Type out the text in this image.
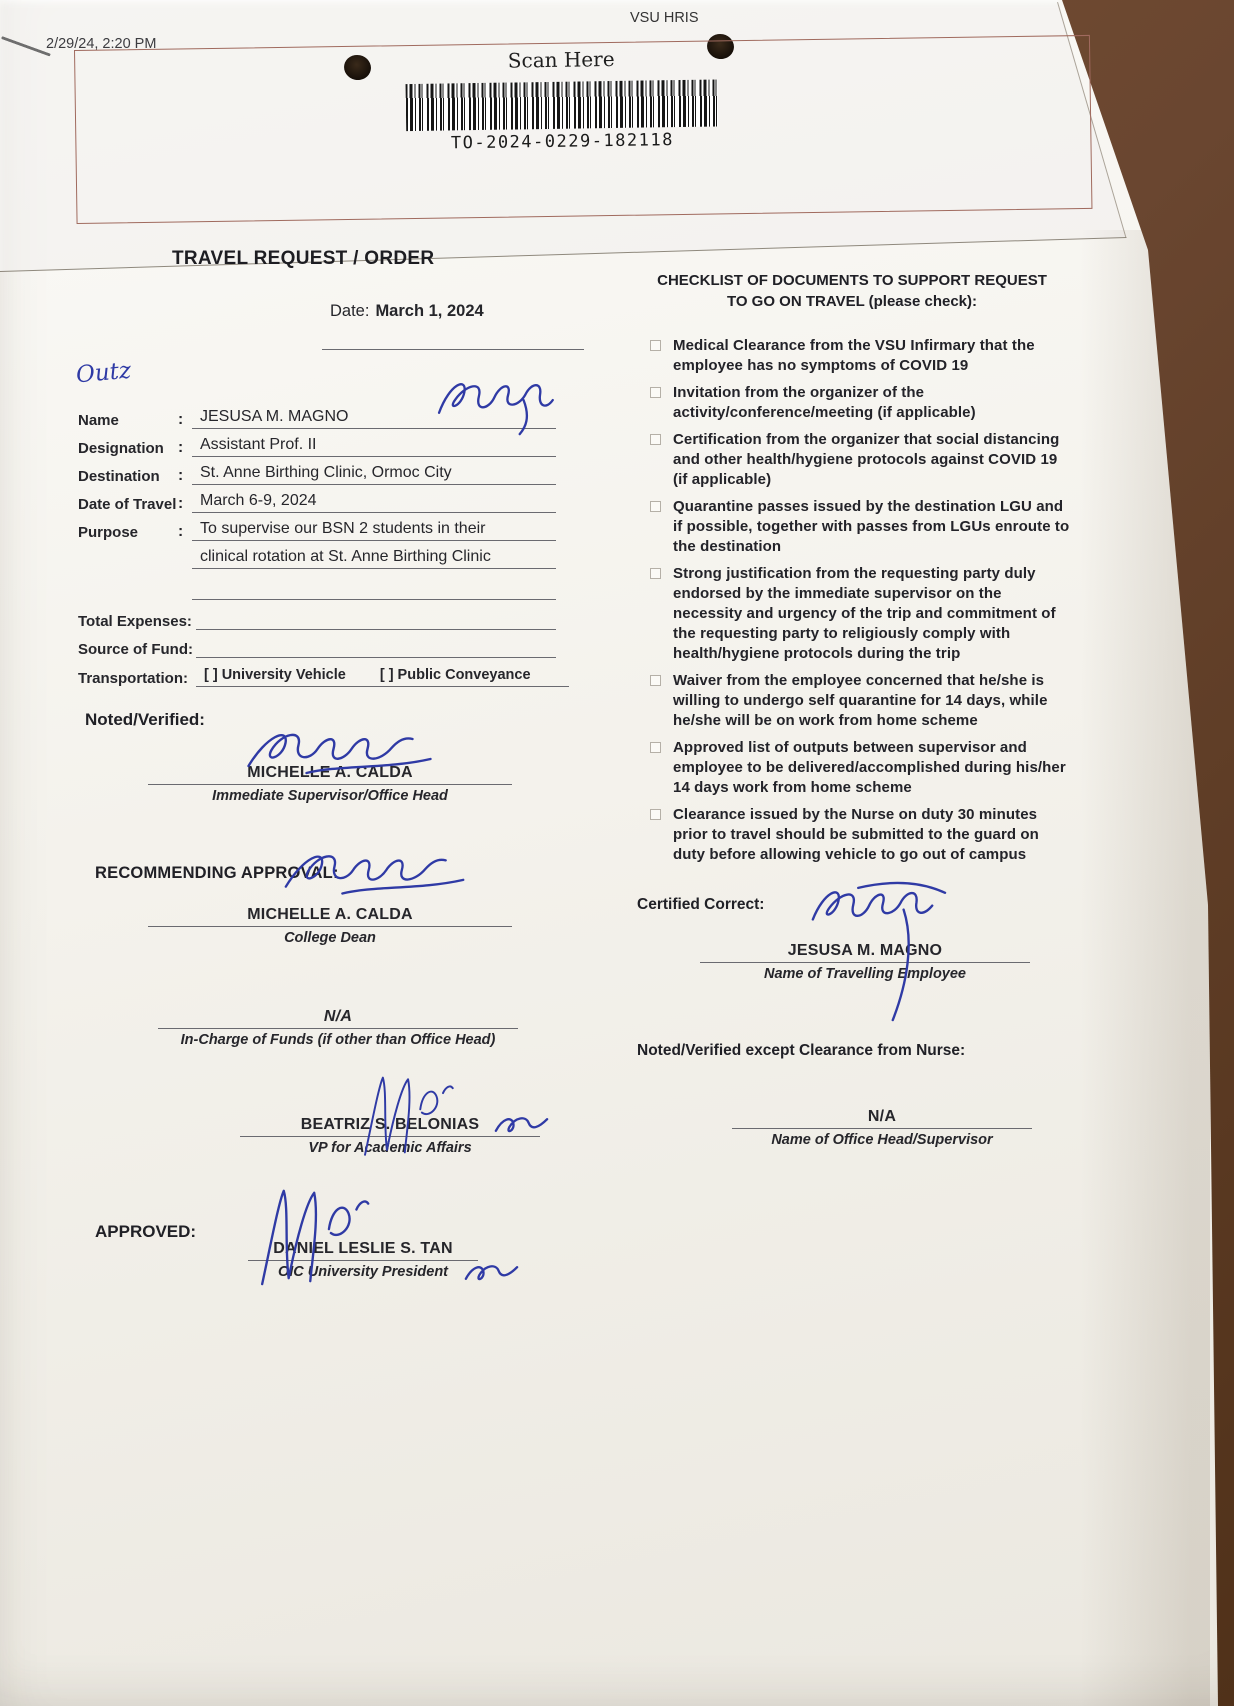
2/29/24, 2:20 PM
VSU HRIS
Scan Here
TO-2024-0229-182118
TRAVEL REQUEST / ORDER
Date: March 1, 2024
Outz
Name	:	JESUSA M. MAGNO
Designation :	Assistant Prof. II
Destination	:	St. Anne Birthing Clinic, Ormoc City
Date of Travel :	March 6-9, 2024
Purpose	:	To supervise our BSN 2 students in their
clinical rotation at St. Anne Birthing Clinic
Total Expenses:
Source of Fund:
Transportation:	[ ] University Vehicle [ ] Public Conveyance
Noted/Verified:
MICHELLE A. CALDA
Immediate Supervisor/Office Head
RECOMMENDING APPROVAL:
MICHELLE A. CALDA
College Dean
N/A
In-Charge of Funds (if other than Office Head)
BEATRIZ S. BELONIAS
VP for Academic Affairs
APPROVED:
DANIEL LESLIE S. TAN
OIC University President
CHECKLIST OF DOCUMENTS TO SUPPORT REQUEST
TO GO ON TRAVEL (please check):
Medical Clearance from the VSU Infirmary that the employee has no symptoms of COVID 19
Invitation from the organizer of the activity/conference/meeting (if applicable)
Certification from the organizer that social distancing and other health/hygiene protocols against COVID 19 (if applicable)
Quarantine passes issued by the destination LGU and if possible, together with passes from LGUs enroute to the destination
Strong justification from the requesting party duly endorsed by the immediate supervisor on the necessity and urgency of the trip and commitment of the requesting party to religiously comply with health/hygiene protocols during the trip
Waiver from the employee concerned that he/she is willing to undergo self quarantine for 14 days, while he/she will be on work from home scheme
Approved list of outputs between supervisor and employee to be delivered/accomplished during his/her 14 days work from home scheme
Clearance issued by the Nurse on duty 30 minutes prior to travel should be submitted to the guard on duty before allowing vehicle to go out of campus
Certified Correct:
JESUSA M. MAGNO
Name of Travelling Employee
Noted/Verified except Clearance from Nurse:
N/A
Name of Office Head/Supervisor
